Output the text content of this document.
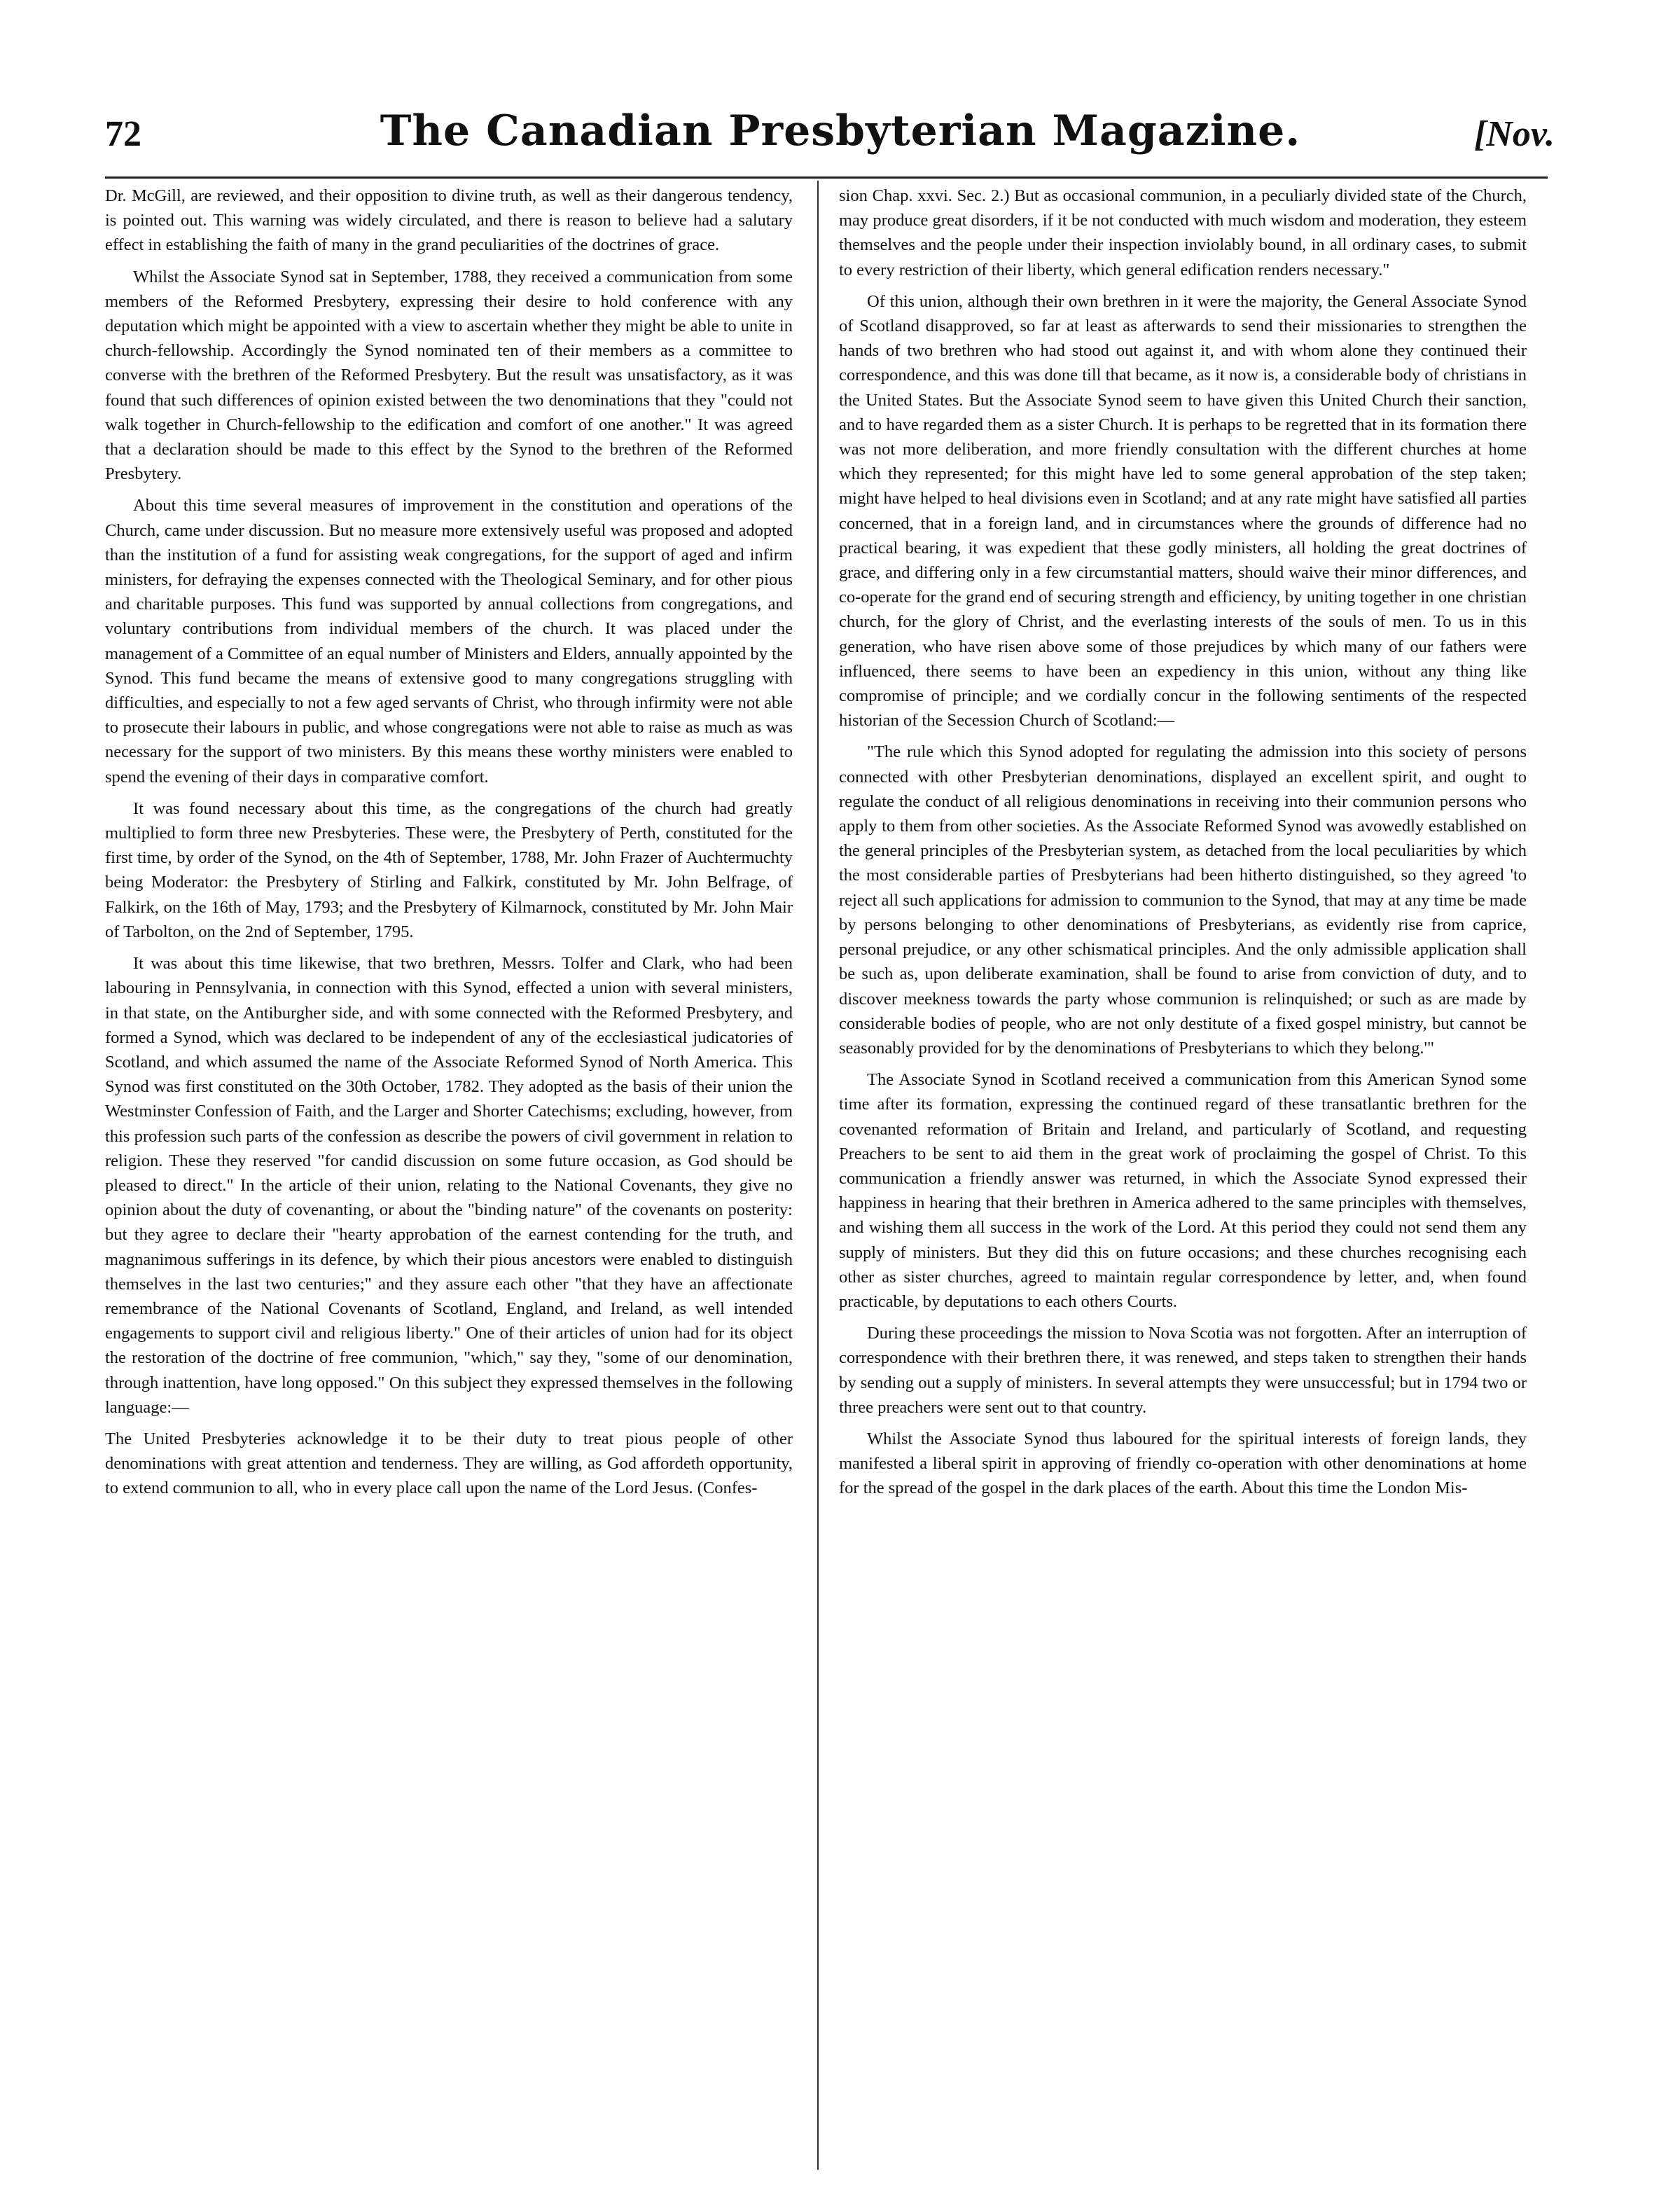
72	The Canadian Presbyterian Magazine.	[Nov.

Dr. McGill, are reviewed, and their opposition to divine truth, as well as their dangerous tendency, is pointed out. This warning was widely circulated, and there is reason to believe had a salutary effect in establishing the faith of many in the grand peculiarities of the doctrines of grace.

Whilst the Associate Synod sat in September, 1788, they received a communication from some members of the Reformed Presbytery, expressing their desire to hold conference with any deputation which might be appointed with a view to ascertain whether they might be able to unite in church-fellowship. Accordingly the Synod nominated ten of their members as a committee to converse with the brethren of the Reformed Presbytery. But the result was unsatisfactory, as it was found that such differences of opinion existed between the two denominations that they "could not walk together in Church-fellowship to the edification and comfort of one another." It was agreed that a declaration should be made to this effect by the Synod to the brethren of the Reformed Presbytery.

About this time several measures of improvement in the constitution and operations of the Church, came under discussion. But no measure more extensively useful was proposed and adopted than the institution of a fund for assisting weak congregations, for the support of aged and infirm ministers, for defraying the expenses connected with the Theological Seminary, and for other pious and charitable purposes. This fund was supported by annual collections from congregations, and voluntary contributions from individual members of the church. It was placed under the management of a Committee of an equal number of Ministers and Elders, annually appointed by the Synod. This fund became the means of extensive good to many congregations struggling with difficulties, and especially to not a few aged servants of Christ, who through infirmity were not able to prosecute their labours in public, and whose congregations were not able to raise as much as was necessary for the support of two ministers. By this means these worthy ministers were enabled to spend the evening of their days in comparative comfort.

It was found necessary about this time, as the congregations of the church had greatly multiplied to form three new Presbyteries. These were, the Presbytery of Perth, constituted for the first time, by order of the Synod, on the 4th of September, 1788, Mr. John Frazer of Auchtermuchty being Moderator: the Presbytery of Stirling and Falkirk, constituted by Mr. John Belfrage, of Falkirk, on the 16th of May, 1793; and the Presbytery of Kilmarnock, constituted by Mr. John Mair of Tarbolton, on the 2nd of September, 1795.

It was about this time likewise, that two brethren, Messrs. Tolfer and Clark, who had been labouring in Pennsylvania, in connection with this Synod, effected a union with several ministers, in that state, on the Antiburgher side, and with some connected with the Reformed Presbytery, and formed a Synod, which was declared to be independent of any of the ecclesiastical judicatories of Scotland, and which assumed the name of the Associate Reformed Synod of North America. This Synod was first constituted on the 30th October, 1782. They adopted as the basis of their union the Westminster Confession of Faith, and the Larger and Shorter Catechisms; excluding, however, from this profession such parts of the confession as describe the powers of civil government in relation to religion. These they reserved "for candid discussion on some future occasion, as God should be pleased to direct." In the article of their union, relating to the National Covenants, they give no opinion about the duty of covenanting, or about the "binding nature" of the covenants on posterity: but they agree to declare their "hearty approbation of the earnest contending for the truth, and magnanimous sufferings in its defence, by which their pious ancestors were enabled to distinguish themselves in the last two centuries;" and they assure each other "that they have an affectionate remembrance of the National Covenants of Scotland, England, and Ireland, as well intended engagements to support civil and religious liberty." One of their articles of union had for its object the restoration of the doctrine of free communion, "which," say they, "some of our denomination, through inattention, have long opposed." On this subject they expressed themselves in the following language:—

The United Presbyteries acknowledge it to be their duty to treat pious people of other denominations with great attention and tenderness. They are willing, as God affordeth opportunity, to extend communion to all, who in every place call upon the name of the Lord Jesus. (Confes-

sion Chap. xxvi. Sec. 2.) But as occasional communion, in a peculiarly divided state of the Church, may produce great disorders, if it be not conducted with much wisdom and moderation, they esteem themselves and the people under their inspection inviolably bound, in all ordinary cases, to submit to every restriction of their liberty, which general edification renders necessary."

Of this union, although their own brethren in it were the majority, the General Associate Synod of Scotland disapproved, so far at least as afterwards to send their missionaries to strengthen the hands of two brethren who had stood out against it, and with whom alone they continued their correspondence, and this was done till that became, as it now is, a considerable body of christians in the United States. But the Associate Synod seem to have given this United Church their sanction, and to have regarded them as a sister Church. It is perhaps to be regretted that in its formation there was not more deliberation, and more friendly consultation with the different churches at home which they represented; for this might have led to some general approbation of the step taken; might have helped to heal divisions even in Scotland; and at any rate might have satisfied all parties concerned, that in a foreign land, and in circumstances where the grounds of difference had no practical bearing, it was expedient that these godly ministers, all holding the great doctrines of grace, and differing only in a few circumstantial matters, should waive their minor differences, and co-operate for the grand end of securing strength and efficiency, by uniting together in one christian church, for the glory of Christ, and the everlasting interests of the souls of men. To us in this generation, who have risen above some of those prejudices by which many of our fathers were influenced, there seems to have been an expediency in this union, without any thing like compromise of principle; and we cordially concur in the following sentiments of the respected historian of the Secession Church of Scotland:—

"The rule which this Synod adopted for regulating the admission into this society of persons connected with other Presbyterian denominations, displayed an excellent spirit, and ought to regulate the conduct of all religious denominations in receiving into their communion persons who apply to them from other societies. As the Associate Reformed Synod was avowedly established on the general principles of the Presbyterian system, as detached from the local peculiarities by which the most considerable parties of Presbyterians had been hitherto distinguished, so they agreed 'to reject all such applications for admission to communion to the Synod, that may at any time be made by persons belonging to other denominations of Presbyterians, as evidently rise from caprice, personal prejudice, or any other schismatical principles. And the only admissible application shall be such as, upon deliberate examination, shall be found to arise from conviction of duty, and to discover meekness towards the party whose communion is relinquished; or such as are made by considerable bodies of people, who are not only destitute of a fixed gospel ministry, but cannot be seasonably provided for by the denominations of Presbyterians to which they belong.'"

The Associate Synod in Scotland received a communication from this American Synod some time after its formation, expressing the continued regard of these transatlantic brethren for the covenanted reformation of Britain and Ireland, and particularly of Scotland, and requesting Preachers to be sent to aid them in the great work of proclaiming the gospel of Christ. To this communication a friendly answer was returned, in which the Associate Synod expressed their happiness in hearing that their brethren in America adhered to the same principles with themselves, and wishing them all success in the work of the Lord. At this period they could not send them any supply of ministers. But they did this on future occasions; and these churches recognising each other as sister churches, agreed to maintain regular correspondence by letter, and, when found practicable, by deputations to each others Courts.

During these proceedings the mission to Nova Scotia was not forgotten. After an interruption of correspondence with their brethren there, it was renewed, and steps taken to strengthen their hands by sending out a supply of ministers. In several attempts they were unsuccessful; but in 1794 two or three preachers were sent out to that country.

Whilst the Associate Synod thus laboured for the spiritual interests of foreign lands, they manifested a liberal spirit in approving of friendly co-operation with other denominations at home for the spread of the gospel in the dark places of the earth. About this time the London Mis-
